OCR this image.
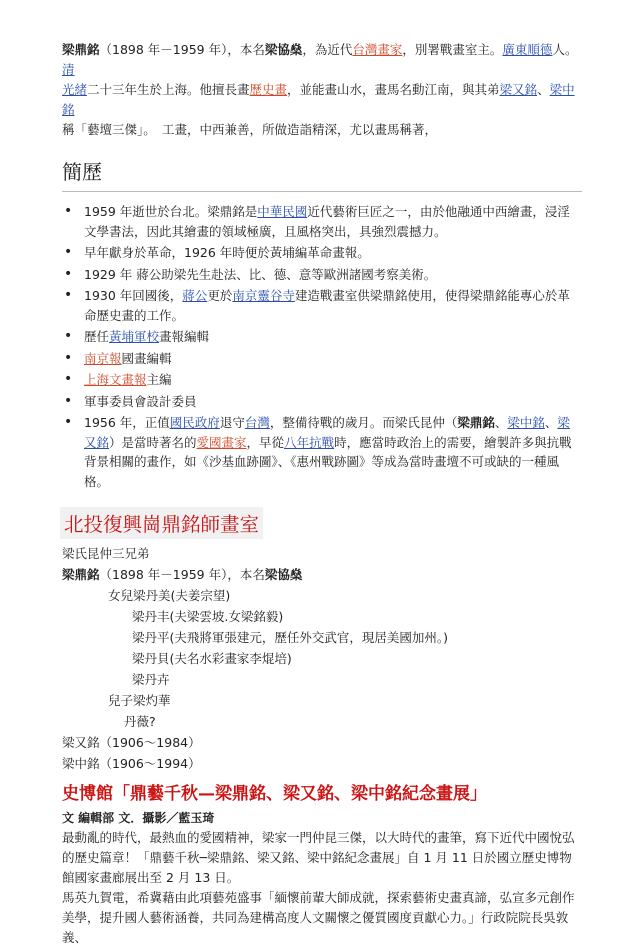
梁鼎銘（1898 年－1959 年），本名梁協燊，為近代台灣畫家，別署戰畫室主。廣東順德人。清
光緒二十三年生於上海。他擅長畫歷史畫，並能畫山水，畫馬名動江南，與其弟梁又銘、梁中銘
稱「藝壇三傑」。　工畫，中西兼善，所做造詣精深，尤以畫馬稱著，

簡歷
• 1959 年逝世於台北。梁鼎銘是中華民國近代藝術巨匠之一，由於他融通中西繪畫，浸淫文學書法，因此其繪畫的領域極廣，且風格突出，具強烈震撼力。
• 早年獻身於革命，1926 年時便於黃埔編革命畫報。
• 1929 年 蔣公助梁先生赴法、比、德、意等歐洲諸國考察美術。
• 1930 年回國後，蔣公更於南京靈谷寺建造戰畫室供梁鼎銘使用，使得梁鼎銘能專心於革命歷史畫的工作。
• 歷任黃埔軍校畫報編輯
• 南京報國畫編輯
• 上海文畫報主編
• 軍事委員會設計委員
• 1956 年，正值國民政府退守台灣，整備待戰的歲月。而梁氏昆仲（梁鼎銘、梁中銘、梁又銘）是當時著名的愛國畫家，早從八年抗戰時，應當時政治上的需要，繪製許多與抗戰背景相關的畫作，如《沙基血跡圖》、《惠州戰跡圖》等成為當時畫壇不可或缺的一種風格。
北投復興崗鼎銘師畫室

梁氏昆仲三兄弟

梁鼎銘（1898 年－1959 年），本名梁協燊

女兒梁丹美(夫姜宗望)

梁丹丰(夫梁雲坡.女梁銘毅)

梁丹平(夫飛將軍張建元，歷任外交武官，現居美國加州。)

梁丹貝(夫名水彩畫家李焜培)

梁丹卉

兒子梁灼華

丹薇?

梁又銘（1906～1984）

梁中銘（1906～1994）

史博館「鼎藝千秋—梁鼎銘、梁又銘、梁中銘紀念畫展」
文 編輯部 文．攝影／藍玉琦

最動亂的時代，最熱血的愛國精神，梁家一門仲昆三傑，以大時代的畫筆，寫下近代中國悅弘的歷史篇章！「鼎藝千秋─梁鼎銘、梁又銘、梁中銘紀念畫展」自 1 月 11 日於國立歷史博物館國家畫廊展出至 2 月 13 日。

馬英九賀電，希冀藉由此項藝苑盛事「緬懷前輩大師成就，探索藝術史畫真諦，弘宣多元創作美學，提升國人藝術涵養，共同為建構高度人文關懷之優質國度貢獻心力。」行政院院長吳敦義、
